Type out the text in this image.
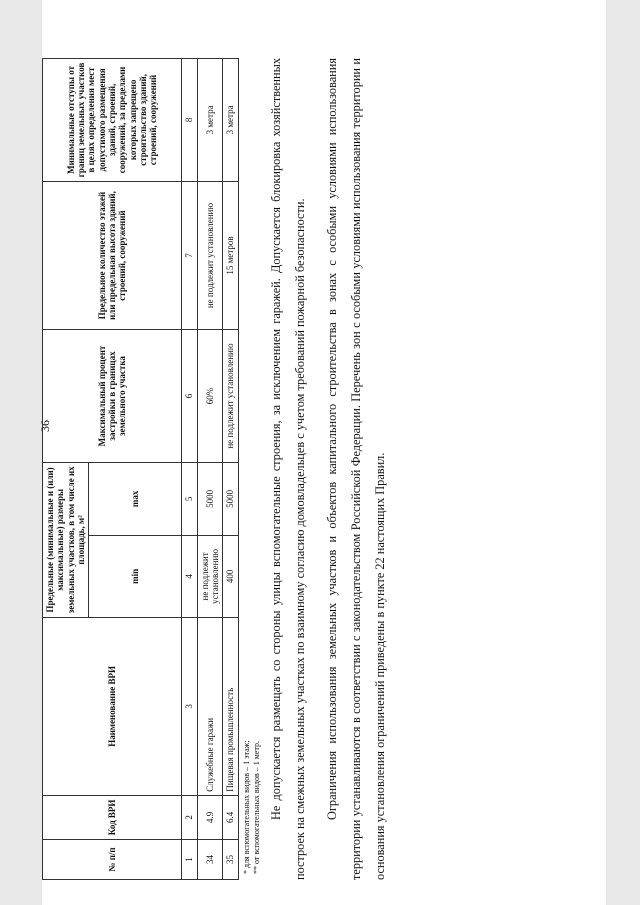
36
№ п/п	Код ВРИ	Наименование ВРИ	Предельные (минимальные и (или) максимальные) размеры земельных участков, в том числе их площадь, м²		Максимальный процент застройки в границах земельного участка	Предельное количество этажей или предельная высота зданий, строений, сооружений	Минимальные отступы от границ земельных участков в целях определения мест допустимого размещения зданий, строений, сооружений, за пределами которых запрещено строительство зданий, строений, сооружений
			min	max			
1	2	3	4	5	6	7	8
34	4.9	Служебные гаражи	не подлежит установлению	5000	60%	не подлежит установлению	3 метра
35	6.4	Пищевая промышленность	400	5000	не подлежит установлению	15 метров	3 метра
* для вспомогательных видов – 1 этаж; ** от вспомогательных видов – 1 метр. Не допускается размещать со стороны улицы вспомогательные строения, за исключением гаражей. Допускается блокировка хозяйственных построек на смежных земельных участках по взаимному согласию домовладельцев с учетом требований пожарной безопасности.	Ограничения использования земельных участков и объектов капитального строительства в зонах с особыми условиями использования территории устанавливаются в соответствии с законодательством Российской Федерации. Перечень зон с особыми условиями использования территории и основания установления ограничений приведены в пункте 22 настоящих Правил.
